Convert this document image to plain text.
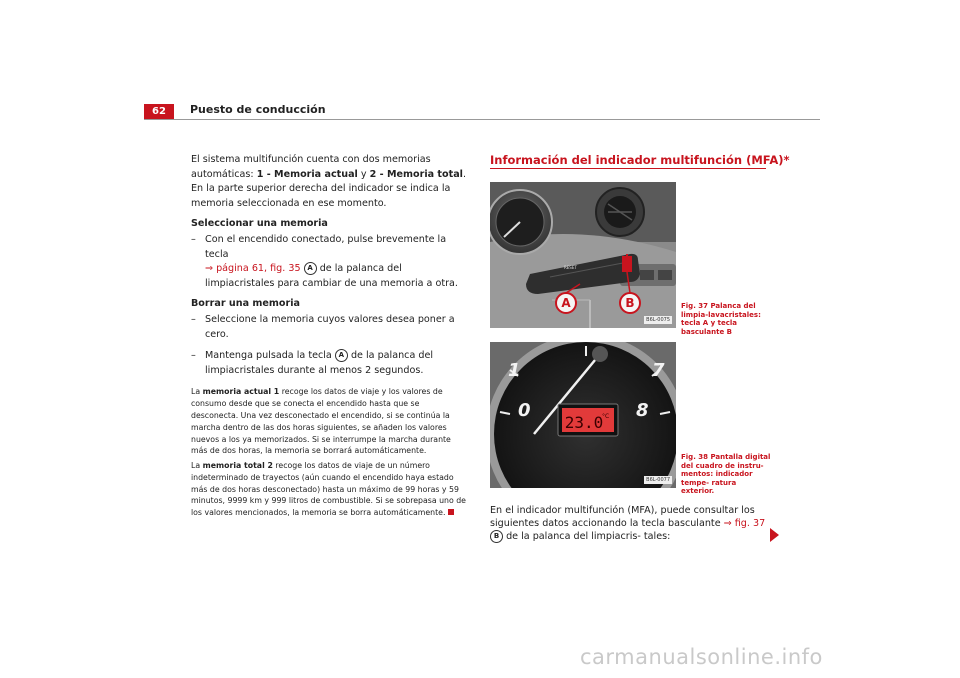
62	Puesto de conducción

El sistema multifunción cuenta con dos memorias automáticas: 1 - Memoria actual y 2 - Memoria total. En la parte superior derecha del indicador se indica la memoria seleccionada en ese momento.

Seleccionar una memoria

– Con el encendido conectado, pulse brevemente la tecla
⇒ página 61, fig. 35 A de la palanca del limpiacristales para cambiar de una memoria a otra.

Borrar una memoria

– Seleccione la memoria cuyos valores desea poner a cero.

– Mantenga pulsada la tecla A de la palanca del limpiacristales durante al menos 2 segundos.

La memoria actual 1 recoge los datos de viaje y los valores de consumo desde que se conecta el encendido hasta que se desconecta. Una vez desconectado el encendido, si se continúa la marcha dentro de las dos horas siguientes, se añaden los valores nuevos a los ya memorizados. Si se interrumpe la marcha durante más de dos horas, la memoria se borrará automáticamente.

La memoria total 2 recoge los datos de viaje de un número indeterminado de trayectos (aún cuando el encendido haya estado más de dos horas desconectado) hasta un máximo de 99 horas y 59 minutos, 9999 km y 999 litros de combustible. Si se sobrepasa uno de los valores mencionados, la memoria se borra automáticamente.

Información del indicador multifunción (MFA)*
A	B
RESET
B6L-0075
Fig. 37 Palanca del limpia-lavacristales: tecla A y tecla basculante B
1	7
0	8
23.0
°C
B6L-0077
Fig. 38 Pantalla digital del cuadro de instru- mentos: indicador tempe- ratura exterior.
En el indicador multifunción (MFA), puede consultar los siguientes datos accionando la tecla basculante ⇒ fig. 37 B de la palanca del limpiacris- tales:
carmanualsonline.info
